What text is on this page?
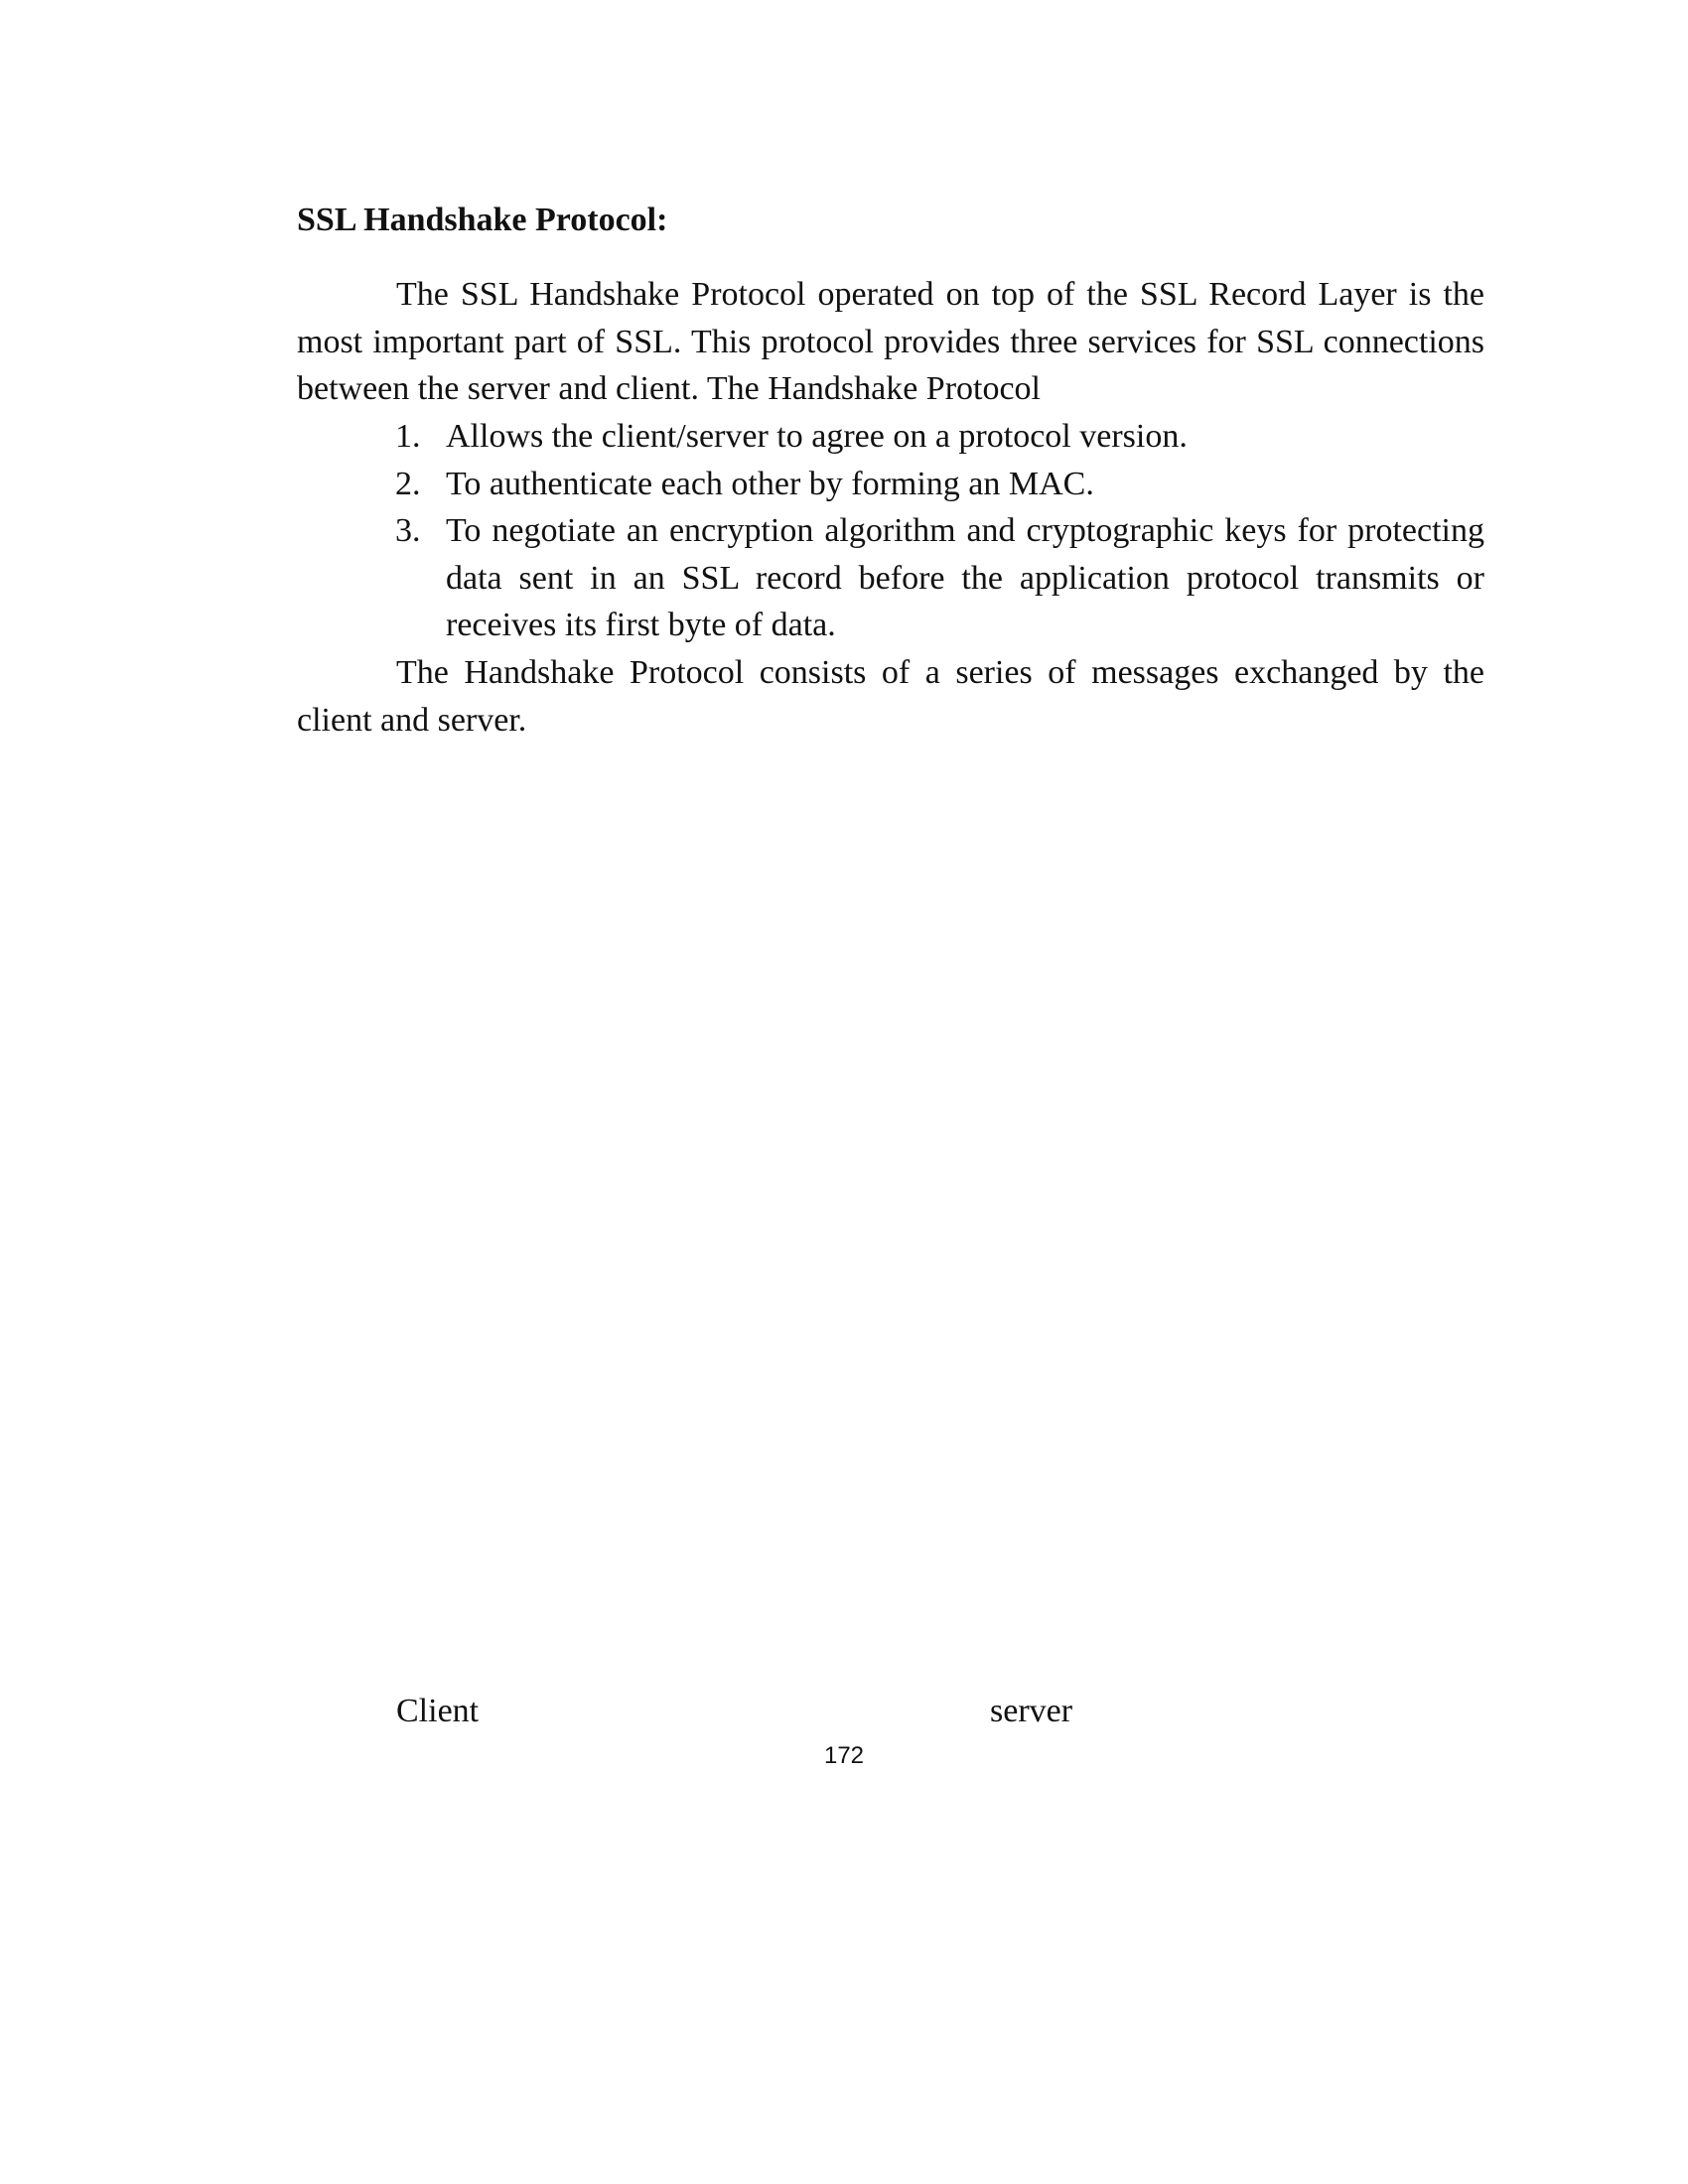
SSL Handshake Protocol:

The SSL Handshake Protocol operated on top of the SSL Record Layer is the most important part of SSL. This protocol provides three services for SSL connections between the server and client. The Handshake Protocol

1. Allows the client/server to agree on a protocol version.
2. To authenticate each other by forming an MAC.
3. To negotiate an encryption algorithm and cryptographic keys for protecting data sent in an SSL record before the application protocol transmits or receives its first byte of data.

The Handshake Protocol consists of a series of messages exchanged by the client and server.

Client	server
172
